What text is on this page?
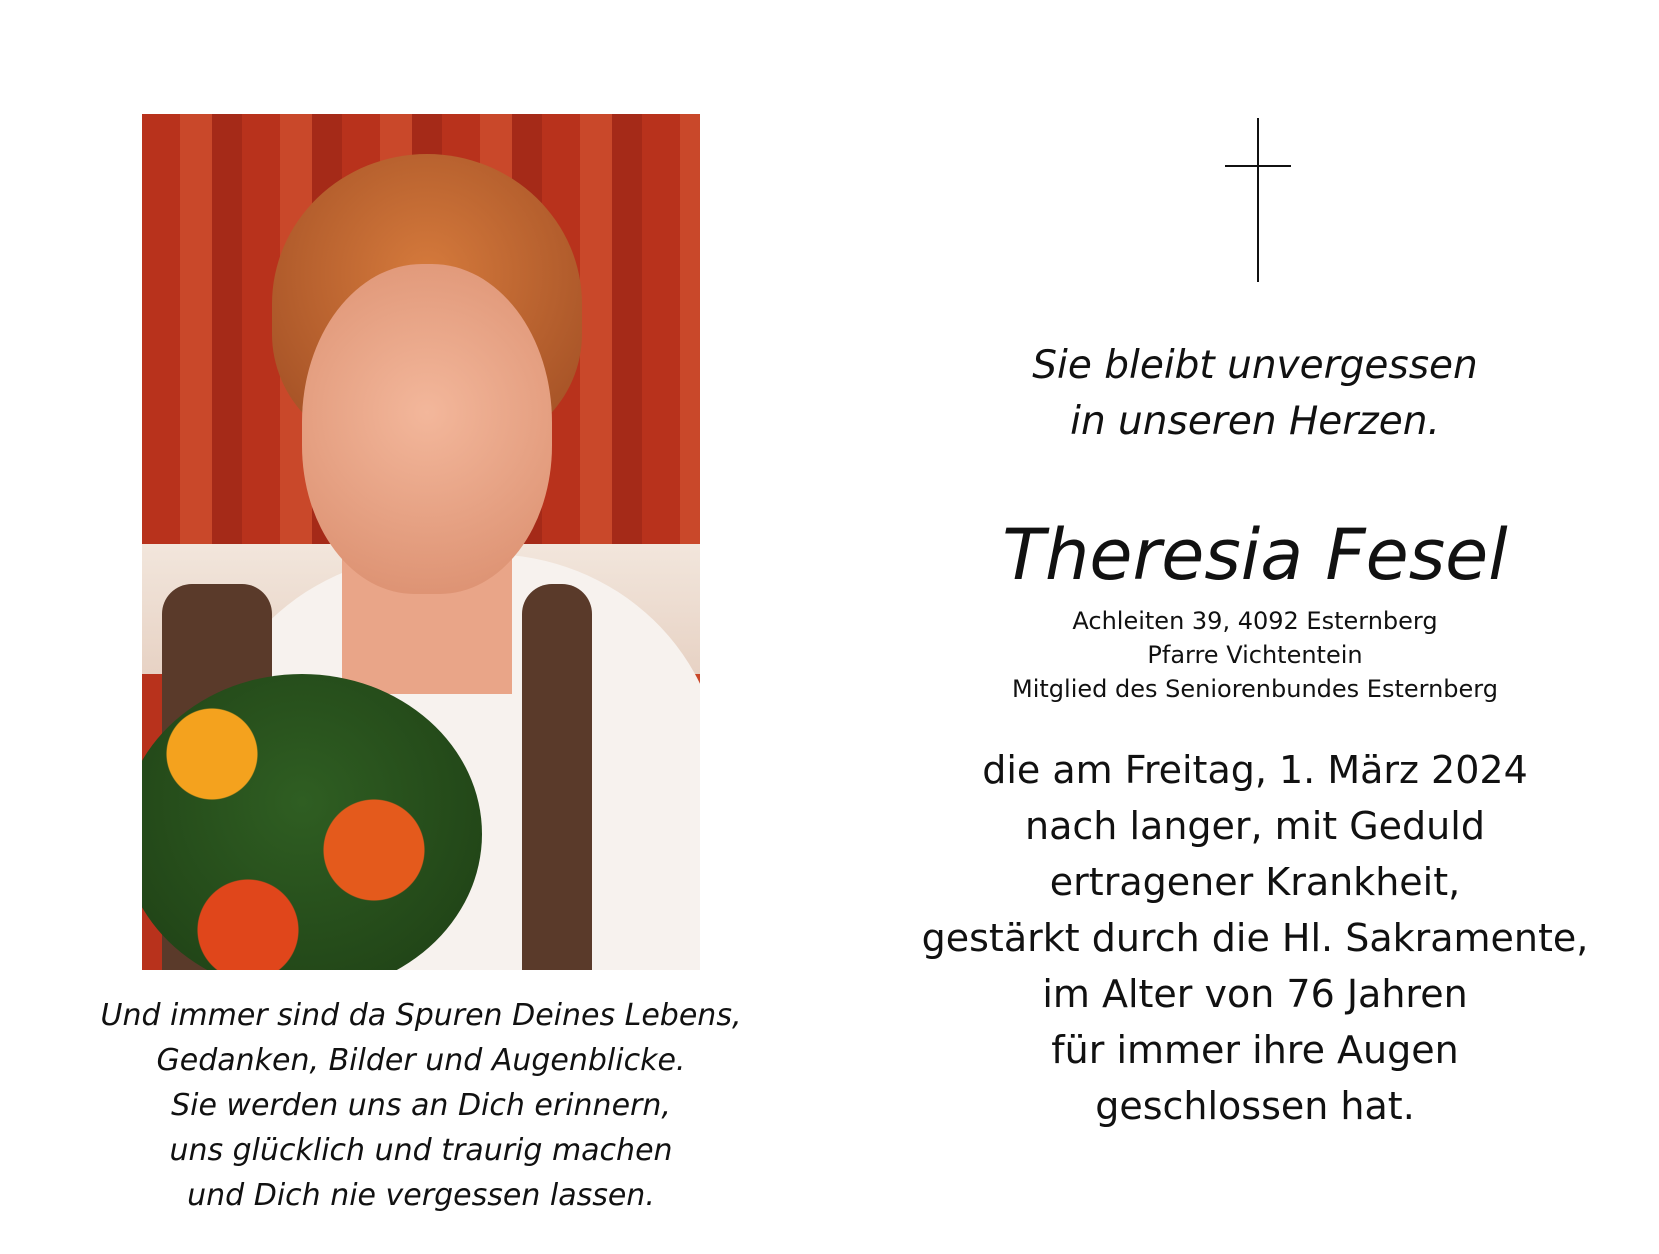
Sie bleibt unvergessen
in unseren Herzen.
Theresia Fesel
Achleiten 39, 4092 Esternberg
Pfarre Vichtentein
Mitglied des Seniorenbundes Esternberg
die am Freitag, 1. März 2024
nach langer, mit Geduld
ertragener Krankheit,
gestärkt durch die Hl. Sakramente,
im Alter von 76 Jahren
für immer ihre Augen
geschlossen hat.
Und immer sind da Spuren Deines Lebens,
Gedanken, Bilder und Augenblicke.
Sie werden uns an Dich erinnern,
uns glücklich und traurig machen
und Dich nie vergessen lassen.
